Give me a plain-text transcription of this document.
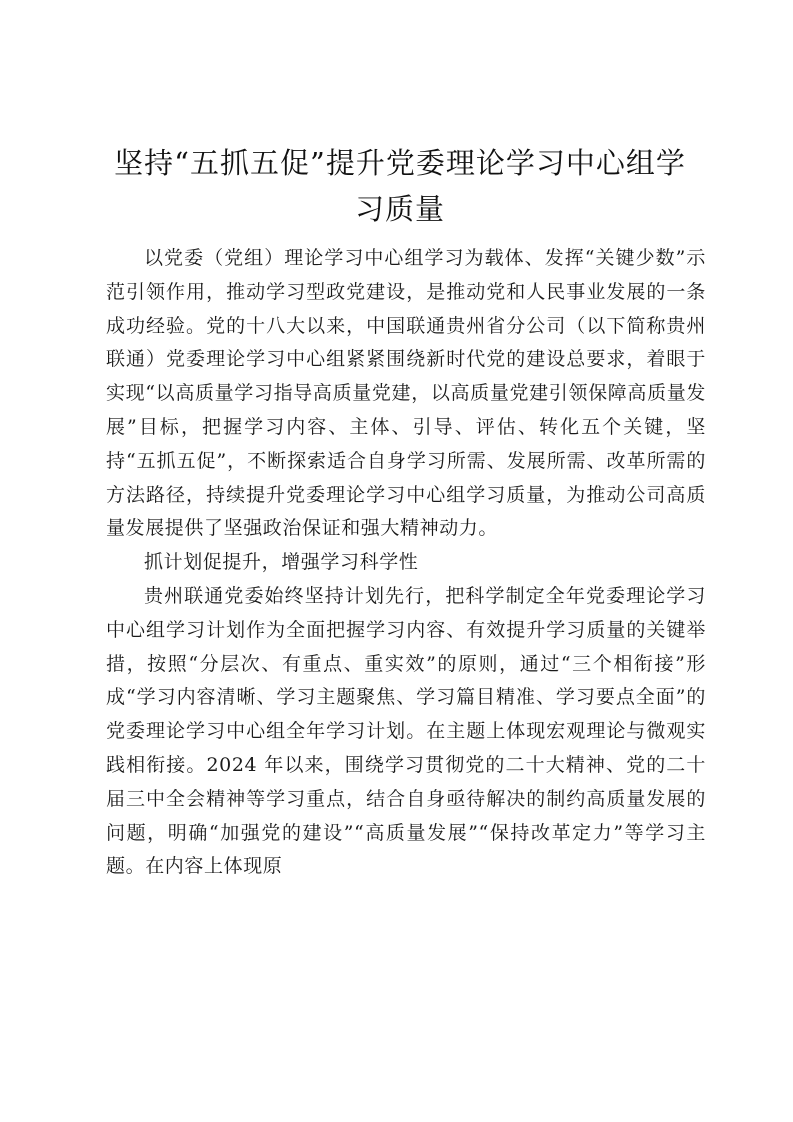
坚持“五抓五促”提升党委理论学习中心组学习质量

以党委（党组）理论学习中心组学习为载体、发挥“关键少数”示范引领作用，推动学习型政党建设，是推动党和人民事业发展的一条成功经验。党的十八大以来，中国联通贵州省分公司（以下简称贵州联通）党委理论学习中心组紧紧围绕新时代党的建设总要求，着眼于实现“以高质量学习指导高质量党建，以高质量党建引领保障高质量发展”目标，把握学习内容、主体、引导、评估、转化五个关键，坚持“五抓五促”，不断探索适合自身学习所需、发展所需、改革所需的方法路径，持续提升党委理论学习中心组学习质量，为推动公司高质量发展提供了坚强政治保证和强大精神动力。

抓计划促提升，增强学习科学性

贵州联通党委始终坚持计划先行，把科学制定全年党委理论学习中心组学习计划作为全面把握学习内容、有效提升学习质量的关键举措，按照“分层次、有重点、重实效”的原则，通过“三个相衔接”形成“学习内容清晰、学习主题聚焦、学习篇目精准、学习要点全面”的党委理论学习中心组全年学习计划。在主题上体现宏观理论与微观实践相衔接。2024 年以来，围绕学习贯彻党的二十大精神、党的二十届三中全会精神等学习重点，结合自身亟待解决的制约高质量发展的问题，明确“加强党的建设”“高质量发展”“保持改革定力”等学习主题。在内容上体现原
